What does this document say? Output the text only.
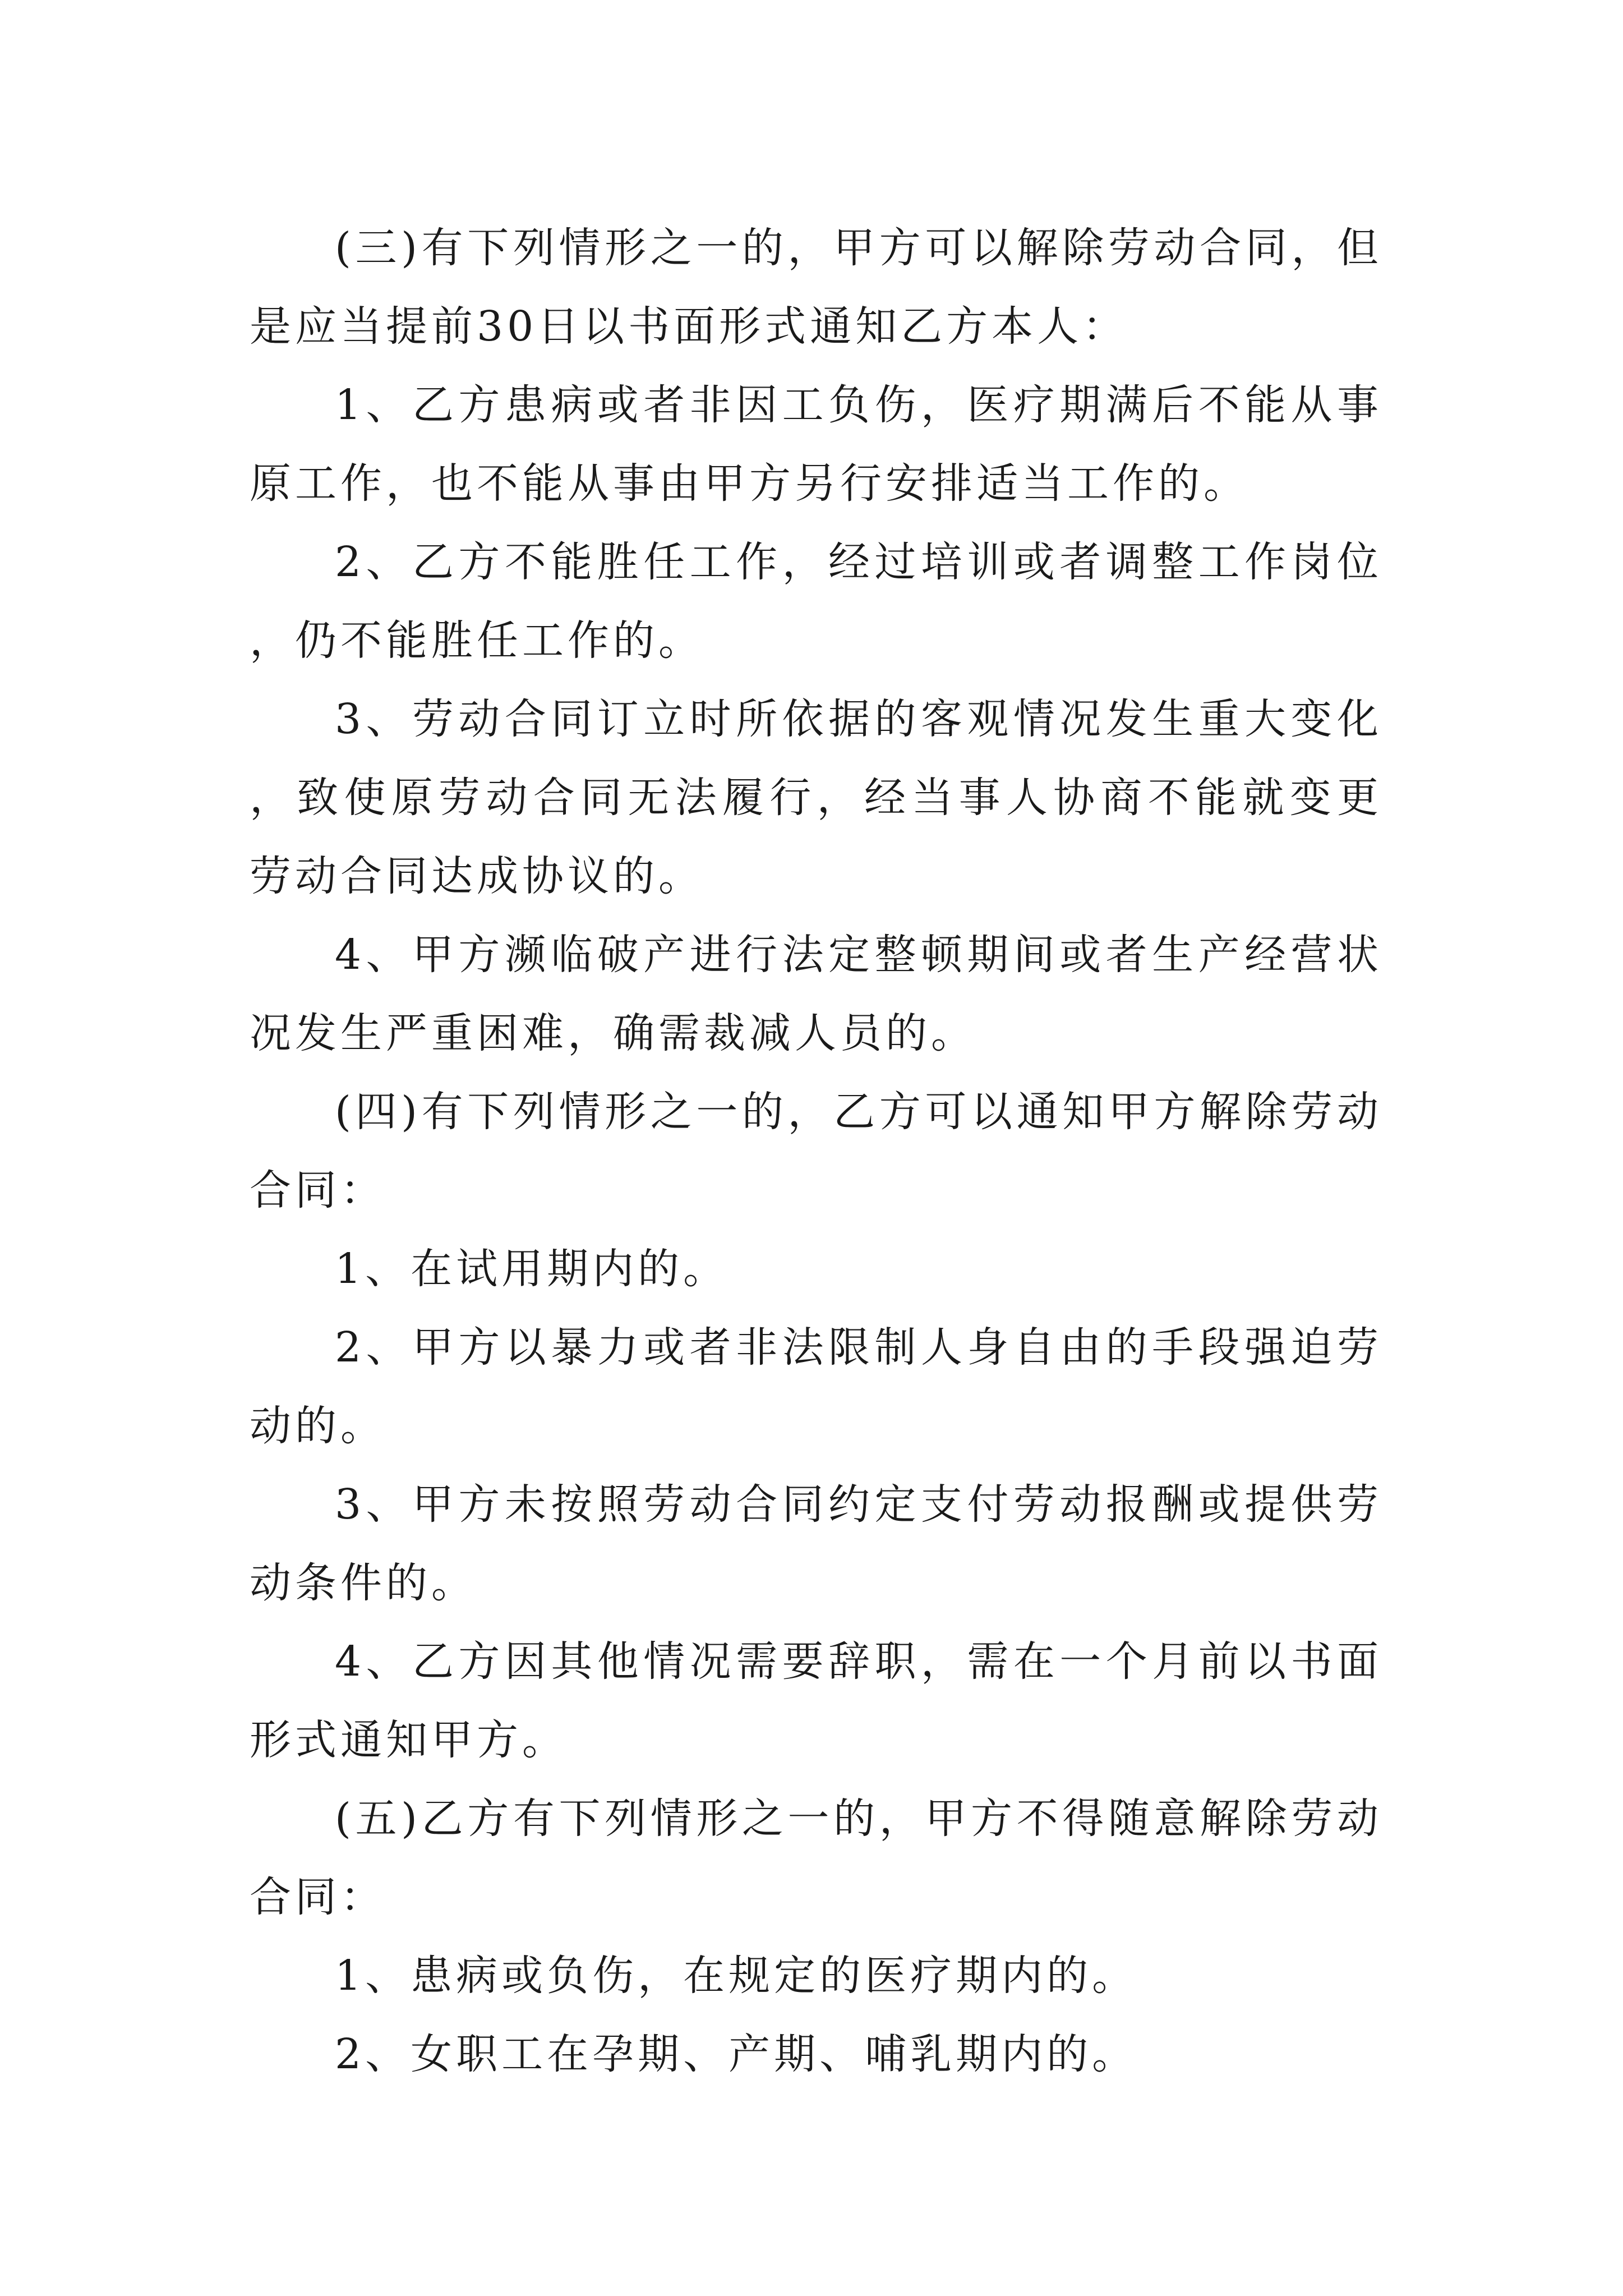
(三)有下列情形之一的，甲方可以解除劳动合同，但是应当提前30日以书面形式通知乙方本人：

1、乙方患病或者非因工负伤，医疗期满后不能从事原工作，也不能从事由甲方另行安排适当工作的。

2、乙方不能胜任工作，经过培训或者调整工作岗位，仍不能胜任工作的。

3、劳动合同订立时所依据的客观情况发生重大变化，致使原劳动合同无法履行，经当事人协商不能就变更劳动合同达成协议的。

4、甲方濒临破产进行法定整顿期间或者生产经营状况发生严重困难，确需裁减人员的。

(四)有下列情形之一的，乙方可以通知甲方解除劳动合同：

1、在试用期内的。

2、甲方以暴力或者非法限制人身自由的手段强迫劳动的。

3、甲方未按照劳动合同约定支付劳动报酬或提供劳动条件的。

4、乙方因其他情况需要辞职，需在一个月前以书面形式通知甲方。

(五)乙方有下列情形之一的，甲方不得随意解除劳动合同：

1、患病或负伤，在规定的医疗期内的。

2、女职工在孕期、产期、哺乳期内的。
